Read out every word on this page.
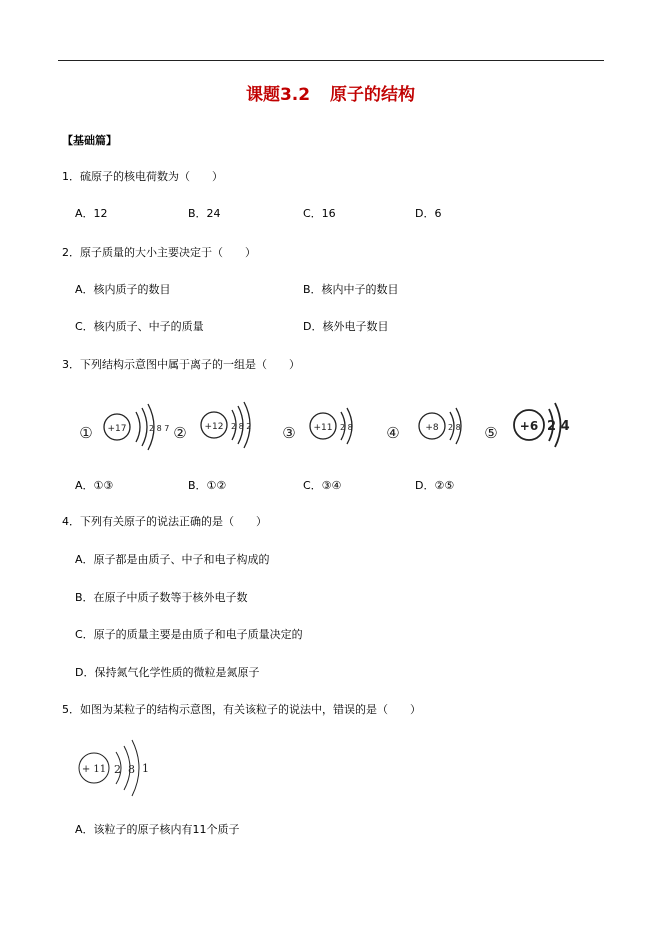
课题3.2 原子的结构
【基础篇】
1．硫原子的核电荷数为（　　）
A．12	B．24	C．16	D．6
2．原子质量的大小主要决定于（　　）
A．核内质子的数目	B．核内中子的数目
C．核内质子、中子的质量	D．核外电子数目
3．下列结构示意图中属于离子的一组是（　　）
① +17	2 8 7 ② +12 2 8 2 ③ +11 2 8 ④	+8 2 8 ⑤ +6 2 4
A．①③	B．①②	C．③④	D．②⑤
4．下列有关原子的说法正确的是（　　）
A．原子都是由质子、中子和电子构成的
B．在原子中质子数等于核外电子数
C．原子的质量主要是由质子和电子质量决定的
D．保持氮气化学性质的微粒是氮原子
5．如图为某粒子的结构示意图，有关该粒子的说法中，错误的是（　　）
+ 11 2 8 1
A．该粒子的原子核内有11个质子
